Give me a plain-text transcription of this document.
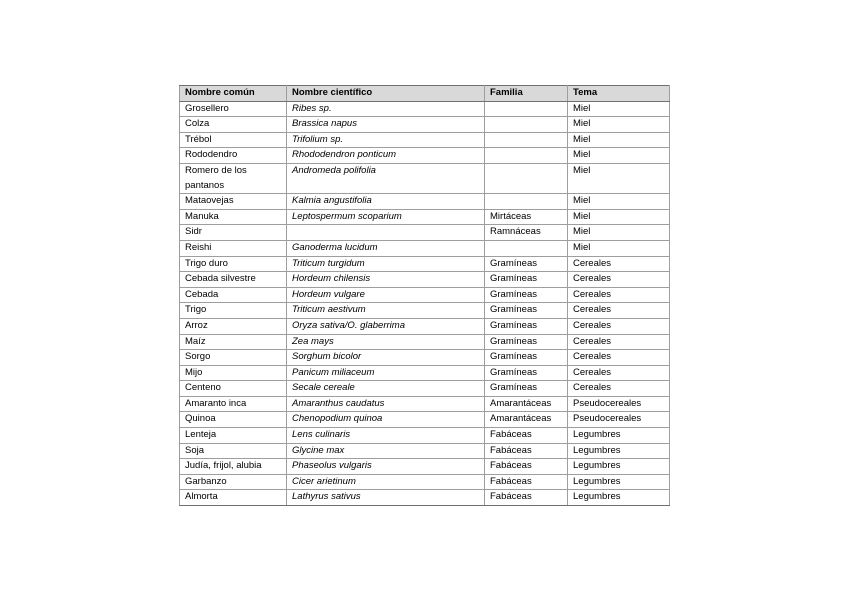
Nombre común	Nombre científico	Familia	Tema
Grosellero	Ribes sp.		Miel
Colza	Brassica napus		Miel
Trébol	Trifolium sp.		Miel
Rododendro	Rhododendron ponticum		Miel
Romero de los pantanos	Andromeda polifolia		Miel
Mataovejas	Kalmia angustifolia		Miel
Manuka	Leptospermum scoparium	Mirtáceas	Miel
Sidr		Ramnáceas	Miel
Reishi	Ganoderma lucidum		Miel
Trigo duro	Triticum turgidum	Gramíneas	Cereales
Cebada silvestre	Hordeum chilensis	Gramíneas	Cereales
Cebada	Hordeum vulgare	Gramíneas	Cereales
Trigo	Triticum aestivum	Gramíneas	Cereales
Arroz	Oryza sativa/O. glaberrima	Gramíneas	Cereales
Maíz	Zea mays	Gramíneas	Cereales
Sorgo	Sorghum bicolor	Gramíneas	Cereales
Mijo	Panicum miliaceum	Gramíneas	Cereales
Centeno	Secale cereale	Gramíneas	Cereales
Amaranto inca	Amaranthus caudatus	Amarantáceas	Pseudocereales
Quinoa	Chenopodium quinoa	Amarantáceas	Pseudocereales
Lenteja	Lens culinaris	Fabáceas	Legumbres
Soja	Glycine max	Fabáceas	Legumbres
Judía, frijol, alubia	Phaseolus vulgaris	Fabáceas	Legumbres
Garbanzo	Cicer arietinum	Fabáceas	Legumbres
Almorta	Lathyrus sativus	Fabáceas	Legumbres
